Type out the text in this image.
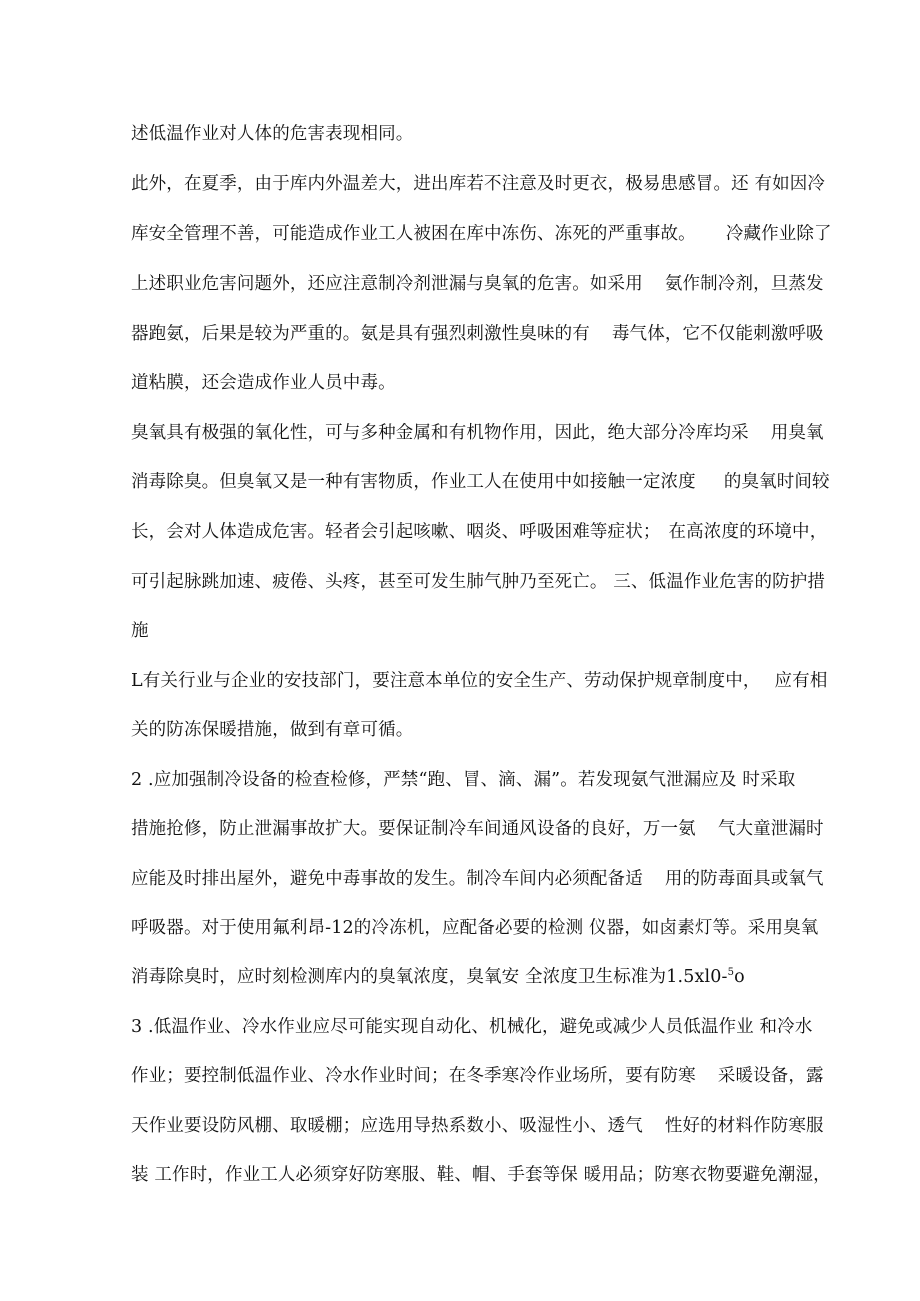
述低温作业对人体的危害表现相同。
此外，在夏季，由于库内外温差大，进出库若不注意及时更衣，极易患感冒。还 有如因冷
库安全管理不善，可能造成作业工人被困在库中冻伤、冻死的严重事故。 冷藏作业除了
上述职业危害问题外，还应注意制冷剂泄漏与臭氧的危害。如采用 氨作制冷剂，旦蒸发
器跑氨，后果是较为严重的。氨是具有强烈刺激性臭味的有 毒气体，它不仅能刺激呼吸
道粘膜，还会造成作业人员中毒。
臭氧具有极强的氧化性，可与多种金属和有机物作用，因此，绝大部分冷库均采 用臭氧
消毒除臭。但臭氧又是一种有害物质，作业工人在使用中如接触一定浓度 的臭氧时间较
长，会对人体造成危害。轻者会引起咳嗽、咽炎、呼吸困难等症状； 在高浓度的环境中，
可引起脉跳加速、疲倦、头疼，甚至可发生肺气肿乃至死亡。 三、低温作业危害的防护措
施
L有关行业与企业的安技部门，要注意本单位的安全生产、劳动保护规章制度中， 应有相
关的防冻保暖措施，做到有章可循。
2 .应加强制冷设备的检查检修，严禁“跑、冒、滴、漏”。若发现氨气泄漏应及 时采取
措施抢修，防止泄漏事故扩大。要保证制冷车间通风设备的良好，万一氨 气大童泄漏时
应能及时排出屋外，避免中毒事故的发生。制冷车间内必须配备适 用的防毒面具或氧气
呼吸器。对于使用氟利昂-12的冷冻机，应配备必要的检测 仪器，如卤素灯等。采用臭氧
消毒除臭时，应时刻检测库内的臭氧浓度，臭氧安 全浓度卫生标准为1.5xl0-$^5$o
3 .低温作业、冷水作业应尽可能实现自动化、机械化，避免或减少人员低温作业 和冷水
作业；要控制低温作业、冷水作业时间；在冬季寒冷作业场所，要有防寒 采暖设备，露
天作业要设防风棚、取暖棚；应选用导热系数小、吸湿性小、透气 性好的材料作防寒服
装 工作时，作业工人必须穿好防寒服、鞋、帽、手套等保 暖用品；防寒衣物要避免潮湿，
